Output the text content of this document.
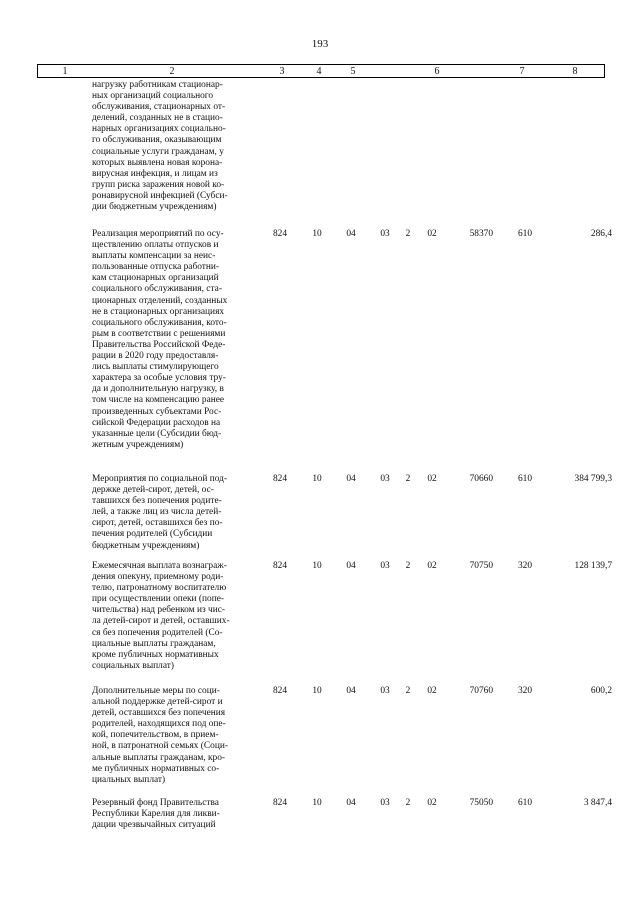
193
1	2	3	4	5	6	7	8
нагрузку работникам стационар-
ных организаций социального
обслуживания, стационарных от-
делений, созданных не в стацио-
нарных организациях социально-
го обслуживания, оказывающим
социальные услуги гражданам, у
которых выявлена новая корона-
вирусная инфекция, и лицам из
групп риска заражения новой ко-
ронавирусной инфекцией (Субси-
дии бюджетным учреждениям)
Реализация мероприятий по осу-
ществлению оплаты отпусков и
выплаты компенсации за неис-
пользованные отпуска работни-
кам стационарных организаций
социального обслуживания, ста-
ционарных отделений, созданных
не в стационарных организациях
социального обслуживания, кото-
рым в соответствии с решениями
Правительства Российской Феде-
рации в 2020 году предоставля-
лись выплаты стимулирующего
характера за особые условия тру-
да и дополнительную нагрузку, в
том числе на компенсацию ранее
произведенных субъектами Рос-
сийской Федерации расходов на
указанные цели (Субсидии бюд-
жетным учреждениям)
824	10	04	03	2	02	58370	610	286,4
Мероприятия по социальной под-
держке детей-сирот, детей, ос-
тавшихся без попечения родите-
лей, а также лиц из числа детей-
сирот, детей, оставшихся без по-
печения родителей (Субсидии
бюджетным учреждениям)
824	10	04	03	2	02	70660	610	384 799,3
Ежемесячная выплата вознаграж-
дения опекуну, приемному роди-
телю, патронатному воспитателю
при осуществлении опеки (попе-
чительства) над ребенком из чис-
ла детей-сирот и детей, оставших-
ся без попечения родителей (Со-
циальные выплаты гражданам,
кроме публичных нормативных
социальных выплат)
824	10	04	03	2	02	70750	320	128 139,7
Дополнительные меры по соци-
альной поддержке детей-сирот и
детей, оставшихся без попечения
родителей, находящихся под опе-
кой, попечительством, в прием-
ной, в патронатной семьях (Соци-
альные выплаты гражданам, кро-
ме публичных нормативных со-
циальных выплат)
824	10	04	03	2	02	70760	320	600,2
Резервный фонд Правительства
Республики Карелия для ликви-
дации чрезвычайных ситуаций
824	10	04	03	2	02	75050	610	3 847,4
